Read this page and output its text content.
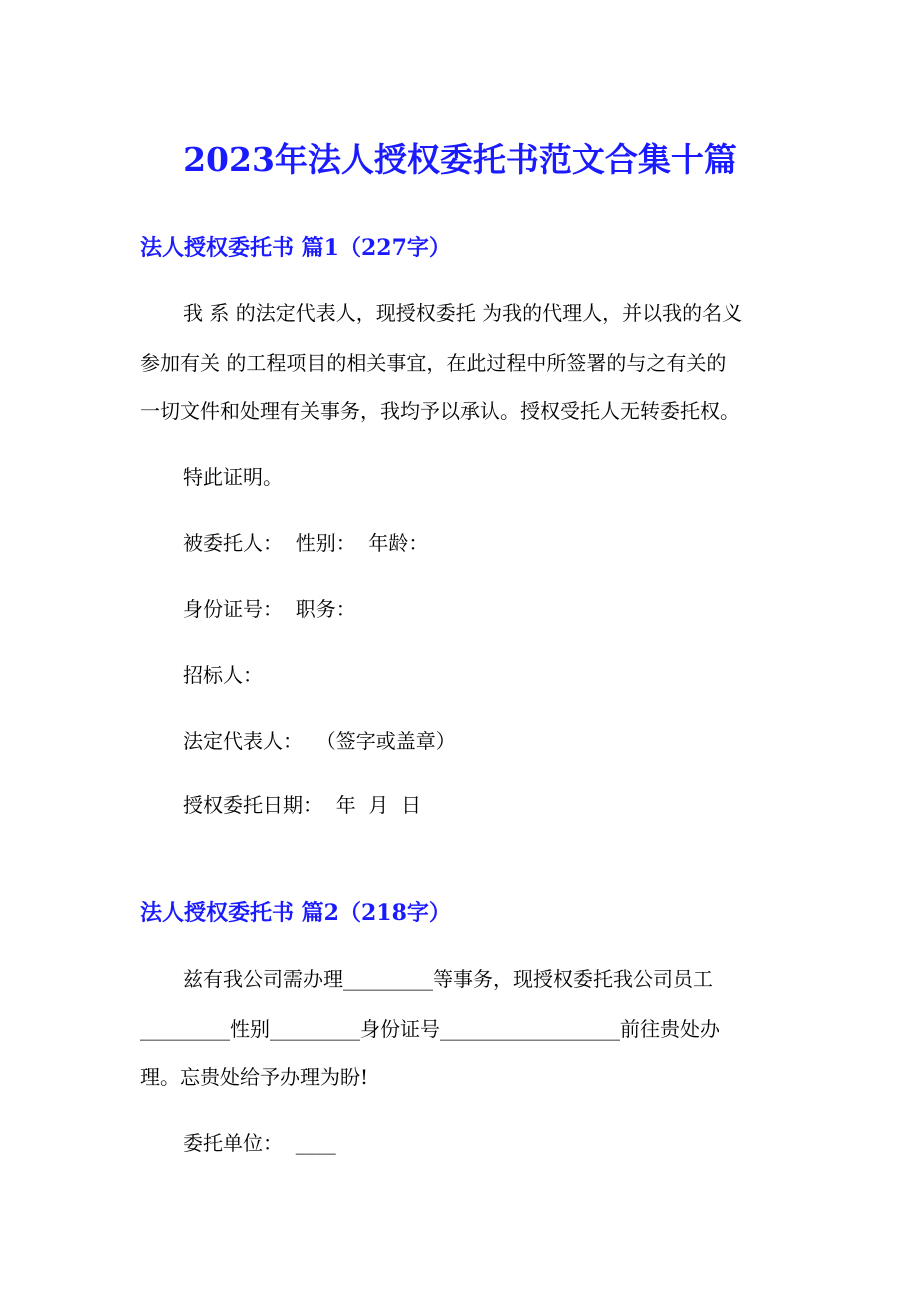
2023年法人授权委托书范文合集十篇
法人授权委托书 篇1（227字）
我 系 的法定代表人，现授权委托 为我的代理人，并以我的名义
参加有关 的工程项目的相关事宜，在此过程中所签署的与之有关的
一切文件和处理有关事务，我均予以承认。授权受托人无转委托权。
特此证明。
被委托人：  性别：  年龄：
身份证号：  职务：
招标人：
法定代表人：  （签字或盖章）
授权委托日期：  年  月  日
法人授权委托书 篇2（218字）
兹有我公司需办理_________等事务，现授权委托我公司员工
_________性别_________身份证号__________________前往贵处办
理。忘贵处给予办理为盼!
委托单位：  ____
